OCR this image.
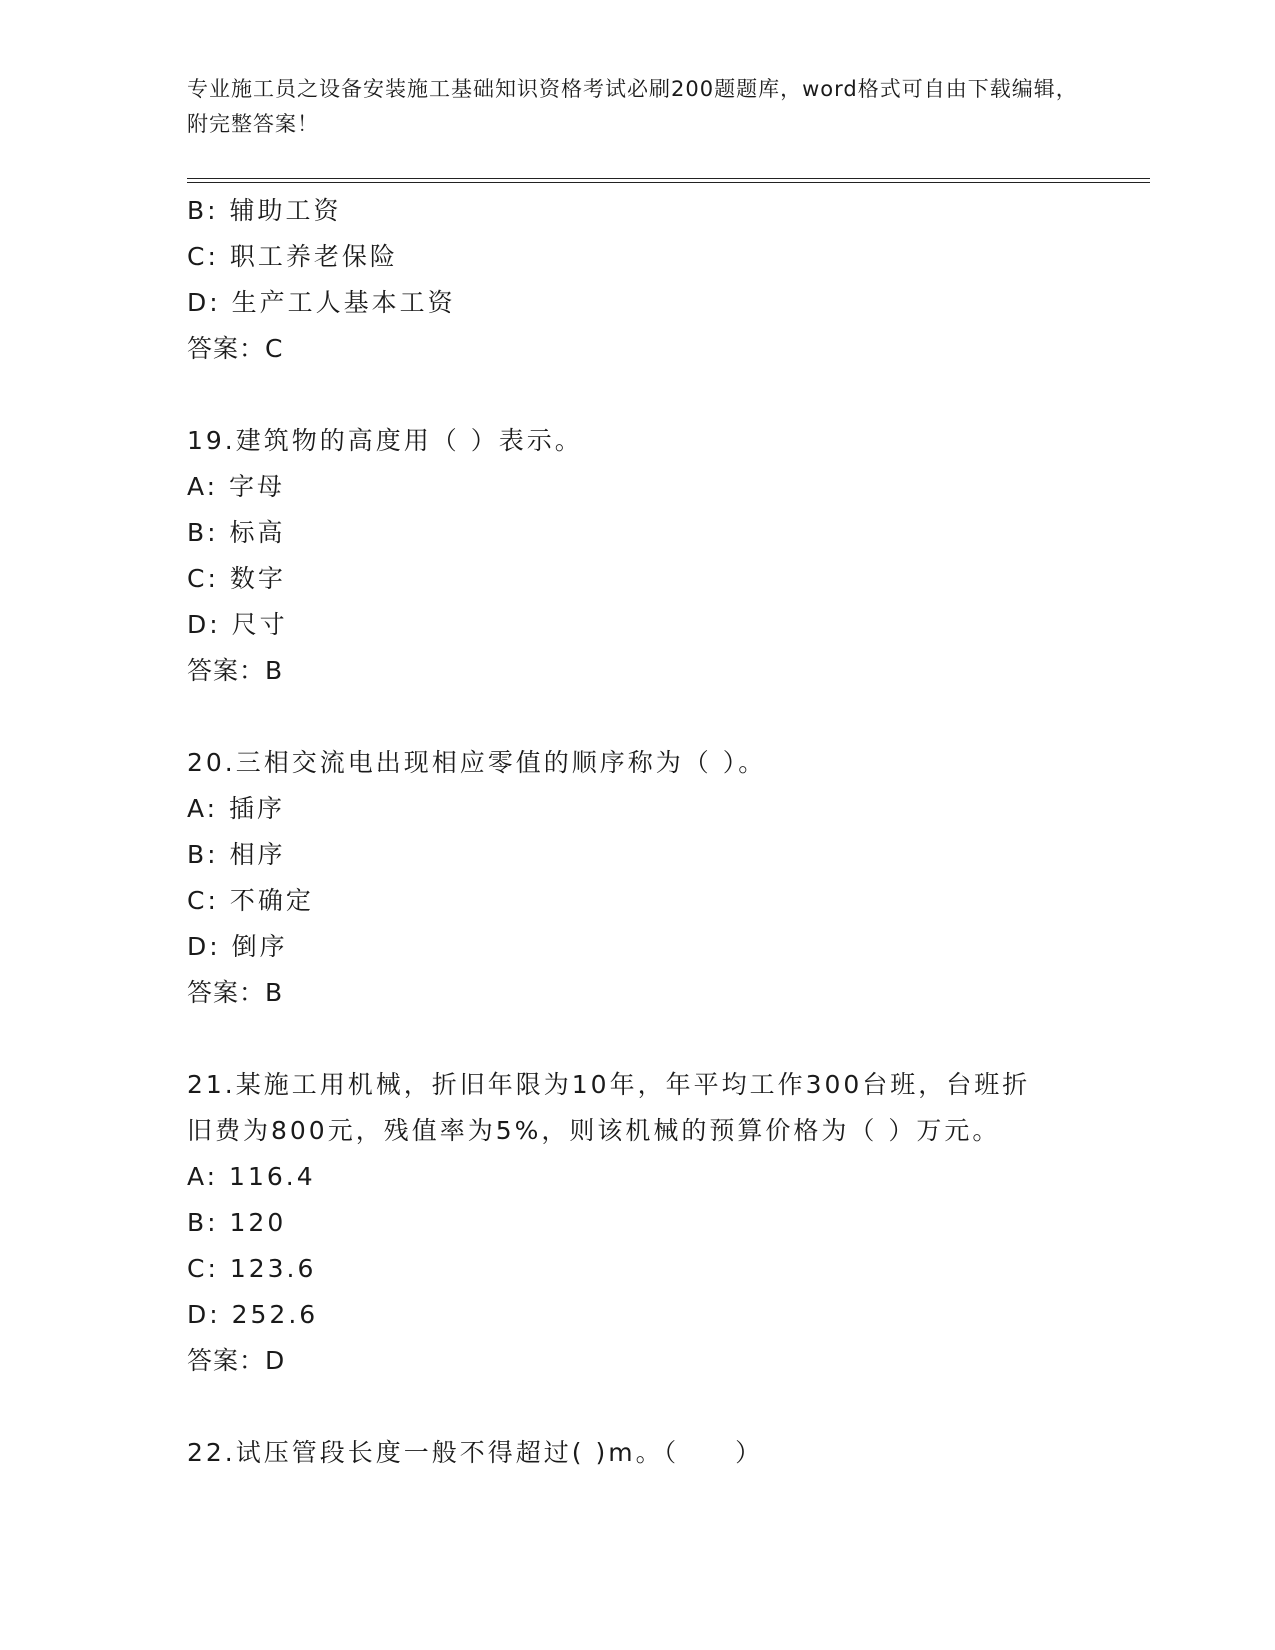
专业施工员之设备安装施工基础知识资格考试必刷200题题库，word格式可自由下载编辑，附完整答案！
B: 辅助工资
C: 职工养老保险
D: 生产工人基本工资
答案：C
19.建筑物的高度用（ ）表示。
A: 字母
B: 标高
C: 数字
D: 尺寸
答案：B
20.三相交流电出现相应零值的顺序称为（ ）。
A: 插序
B: 相序
C: 不确定
D: 倒序
答案：B
21.某施工用机械，折旧年限为10年，年平均工作300台班，台班折旧费为800元，残值率为5%，则该机械的预算价格为（ ）万元。
A: 116.4
B: 120
C: 123.6
D: 252.6
答案：D
22.试压管段长度一般不得超过( )m。（　　）
